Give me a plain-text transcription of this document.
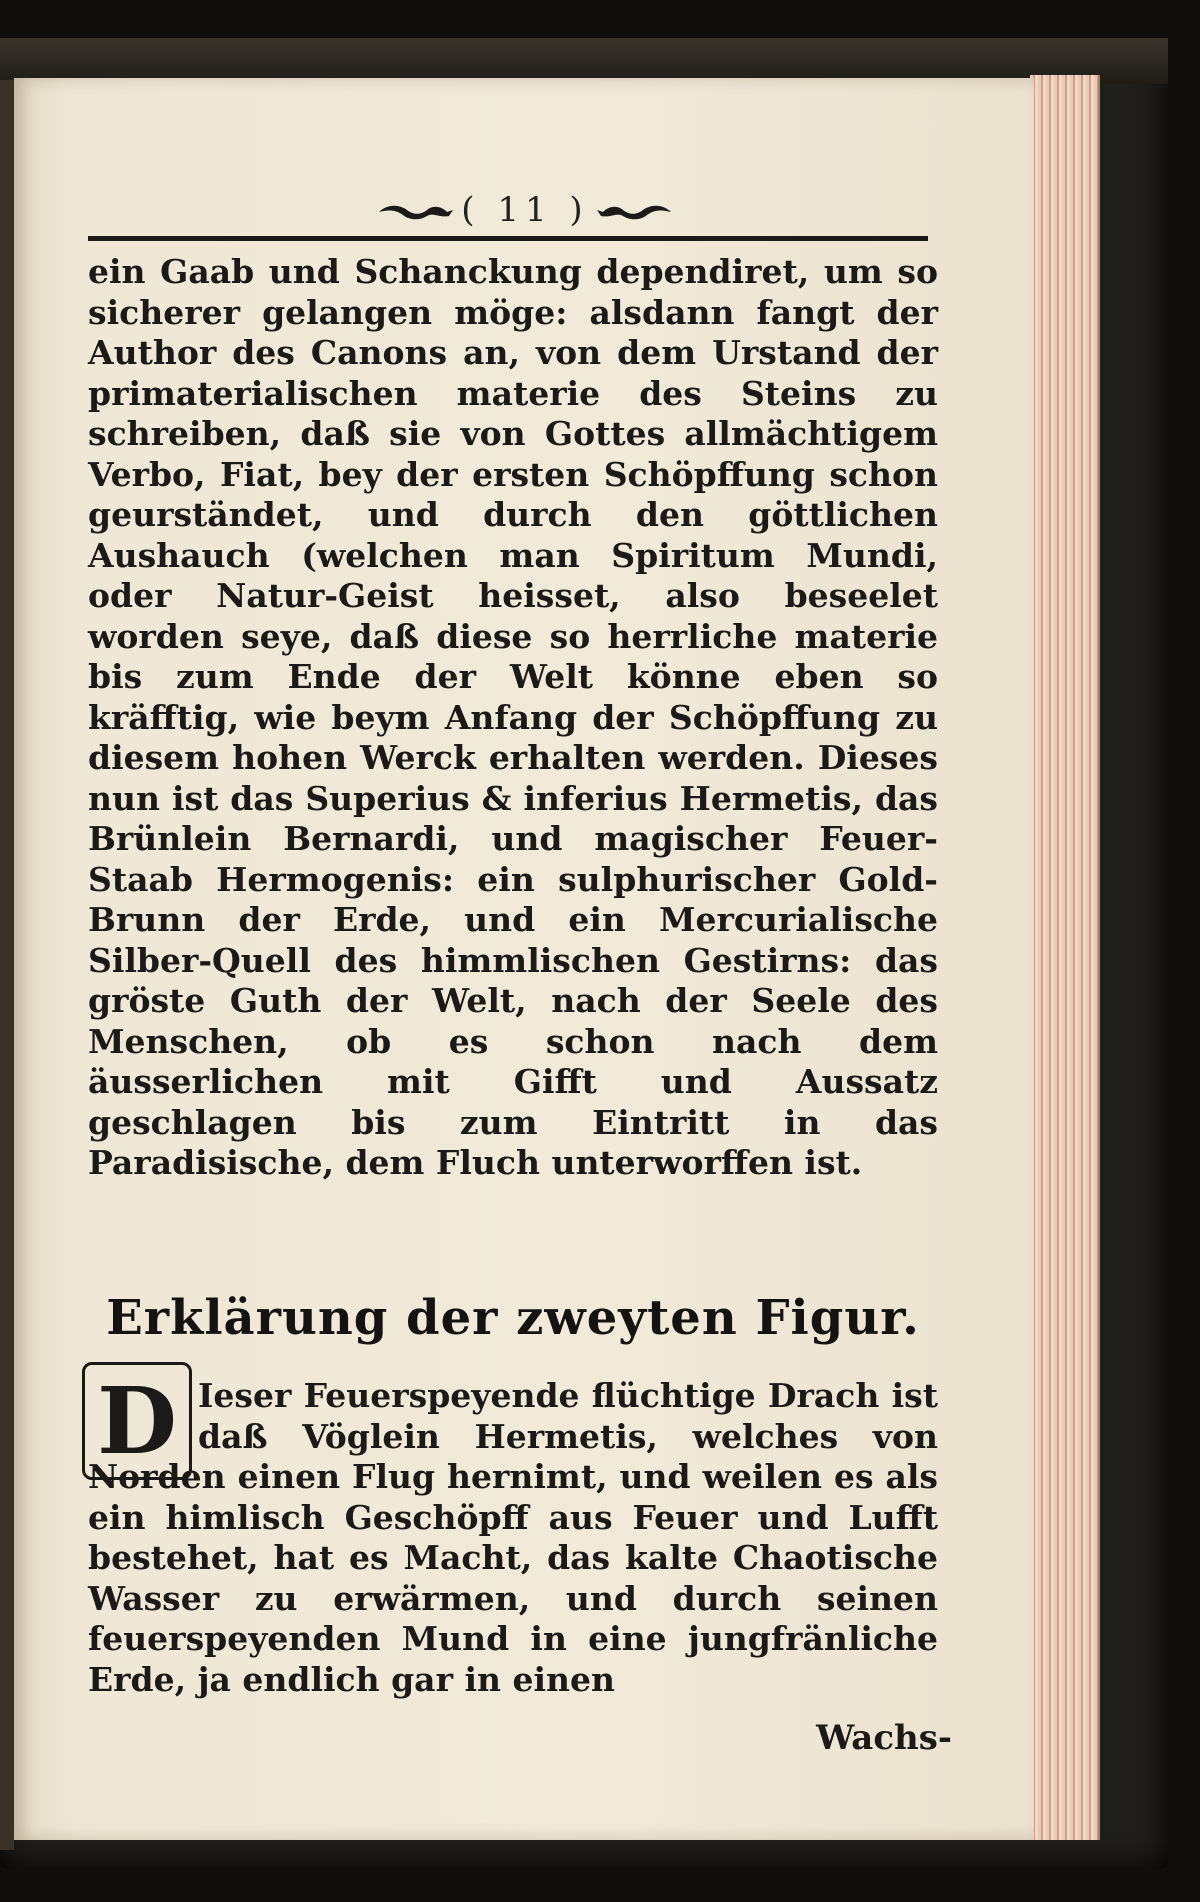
( 11 )

ein Gaab und Schanckung dependiret, um so sicherer gelangen möge: alsdann fangt der Author des Canons an, von dem Urstand der primaterialischen materie des Steins zu schreiben, daß sie von Gottes allmächtigem Verbo, Fiat, bey der ersten Schöpffung schon geurständet, und durch den göttlichen Aushauch (welchen man Spiritum Mundi, oder Natur-Geist heisset, also beseelet worden seye, daß diese so herrliche materie bis zum Ende der Welt könne eben so kräfftig, wie beym Anfang der Schöpffung zu diesem hohen Werck erhalten werden. Dieses nun ist das Superius & inferius Hermetis, das Brünlein Bernardi, und magischer Feuer-Staab Hermogenis: ein sulphurischer Gold-Brunn der Erde, und ein Mercurialische Silber-Quell des himmlischen Gestirns: das gröste Guth der Welt, nach der Seele des Menschen, ob es schon nach dem äusserlichen mit Gifft und Aussatz geschlagen bis zum Eintritt in das Paradisische, dem Fluch unterworffen ist.

Erklärung der zweyten Figur.
D Ieser Feuerspeyende flüchtige Drach ist daß Vöglein Hermetis, welches von Norden einen Flug hernimt, und weilen es als ein himlisch Geschöpff aus Feuer und Lufft bestehet, hat es Macht, das kalte Chaotische Wasser zu erwärmen, und durch seinen feuerspeyenden Mund in eine jungfränliche Erde, ja endlich gar in einen

Wachs-
